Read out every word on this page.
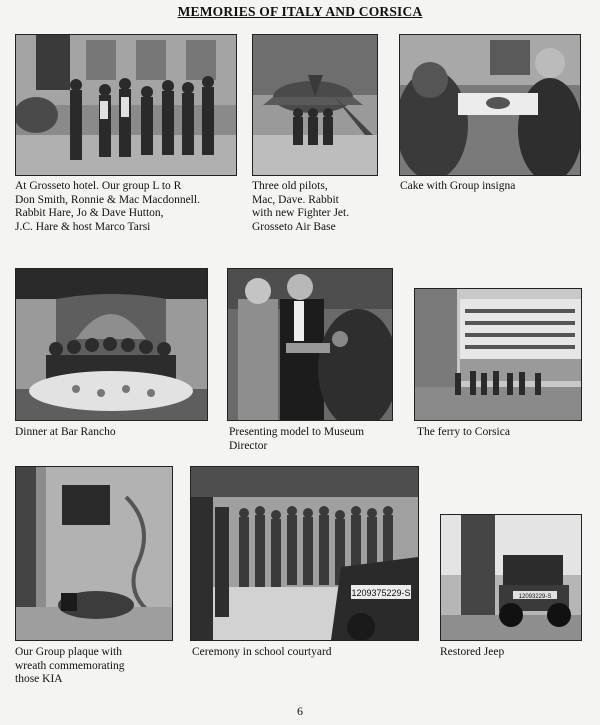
MEMORIES OF ITALY AND CORSICA
At Grosseto hotel. Our group L to R
Don Smith, Ronnie & Mac Macdonnell.
Rabbit Hare, Jo & Dave Hutton,
J.C. Hare & host Marco Tarsi
Three old pilots,
Mac, Dave. Rabbit
with new Fighter Jet.
Grosseto Air Base
Cake with Group insigna
Dinner at Bar Rancho	Presenting model to Museum
Director
The ferry to Corsica
Our Group plaque with
wreath commemorating
those KIA
1209375229-S
Ceremony in school courtyard
12093229-S
Restored Jeep
6
